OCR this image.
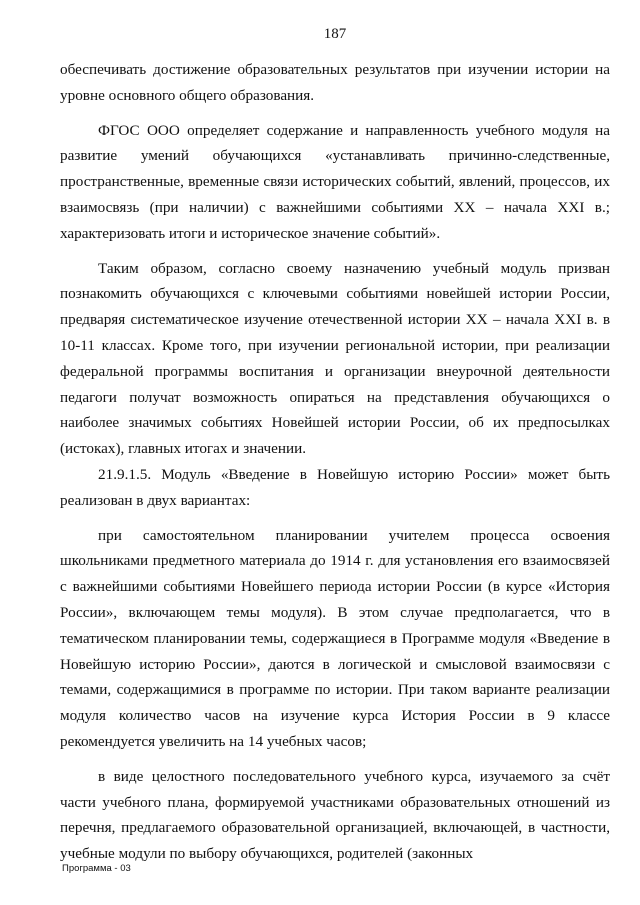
187

обеспечивать достижение образовательных результатов при изучении истории на уровне основного общего образования.

ФГОС ООО определяет содержание и направленность учебного модуля на развитие умений обучающихся «устанавливать причинно-следственные, пространственные, временные связи исторических событий, явлений, процессов, их взаимосвязь (при наличии) с важнейшими событиями XX – начала XXI в.; характеризовать итоги и историческое значение событий».

Таким образом, согласно своему назначению учебный модуль призван познакомить обучающихся с ключевыми событиями новейшей истории России, предваряя систематическое изучение отечественной истории XX – начала XXI в. в 10-11 классах. Кроме того, при изучении региональной истории, при реализации федеральной программы воспитания и организации внеурочной деятельности педагоги получат возможность опираться на представления обучающихся о наиболее значимых событиях Новейшей истории России, об их предпосылках (истоках), главных итогах и значении.

21.9.1.5. Модуль «Введение в Новейшую историю России» может быть реализован в двух вариантах:

при самостоятельном планировании учителем процесса освоения школьниками предметного материала до 1914 г. для установления его взаимосвязей с важнейшими событиями Новейшего периода истории России (в курсе «История России», включающем темы модуля). В этом случае предполагается, что в тематическом планировании темы, содержащиеся в Программе модуля «Введение в Новейшую историю России», даются в логической и смысловой взаимосвязи с темами, содержащимися в программе по истории. При таком варианте реализации модуля количество часов на изучение курса История России в 9 классе рекомендуется увеличить на 14 учебных часов;

в виде целостного последовательного учебного курса, изучаемого за счёт части учебного плана, формируемой участниками образовательных отношений из перечня, предлагаемого образовательной организацией, включающей, в частности, учебные модули по выбору обучающихся, родителей (законных

Программа - 03
